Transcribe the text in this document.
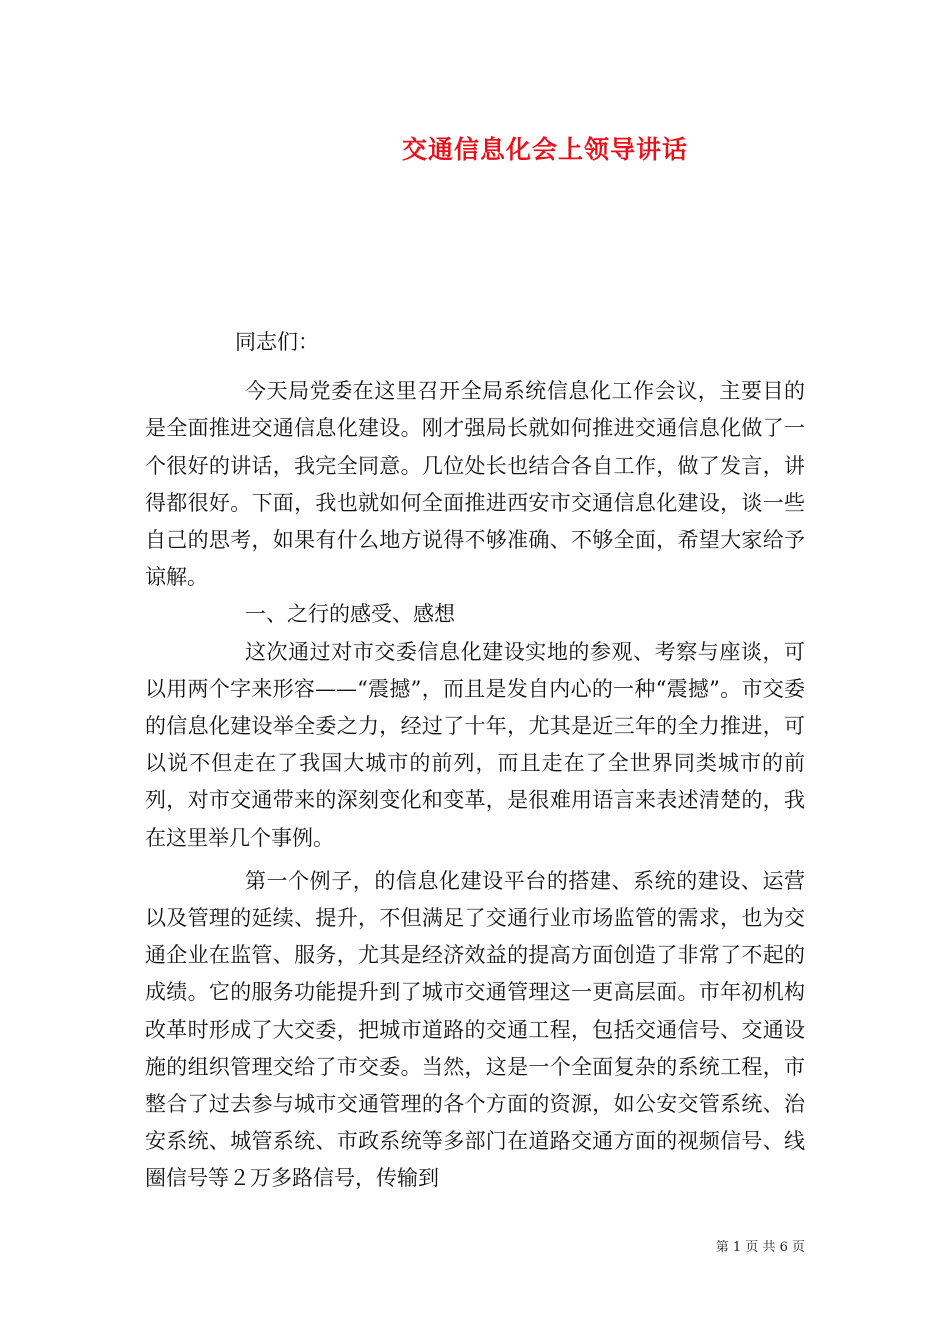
交通信息化会上领导讲话

同志们：

今天局党委在这里召开全局系统信息化工作会议，主要目的是全面推进交通信息化建设。刚才强局长就如何推进交通信息化做了一个很好的讲话，我完全同意。几位处长也结合各自工作，做了发言，讲得都很好。下面，我也就如何全面推进西安市交通信息化建设，谈一些自己的思考，如果有什么地方说得不够准确、不够全面，希望大家给予谅解。

一、之行的感受、感想

这次通过对市交委信息化建设实地的参观、考察与座谈，可以用两个字来形容——“震撼”，而且是发自内心的一种“震撼”。市交委的信息化建设举全委之力，经过了十年，尤其是近三年的全力推进，可以说不但走在了我国大城市的前列，而且走在了全世界同类城市的前列，对市交通带来的深刻变化和变革，是很难用语言来表述清楚的，我在这里举几个事例。

第一个例子，的信息化建设平台的搭建、系统的建设、运营以及管理的延续、提升，不但满足了交通行业市场监管的需求，也为交通企业在监管、服务，尤其是经济效益的提高方面创造了非常了不起的成绩。它的服务功能提升到了城市交通管理这一更高层面。市年初机构改革时形成了大交委，把城市道路的交通工程，包括交通信号、交通设施的组织管理交给了市交委。当然，这是一个全面复杂的系统工程，市整合了过去参与城市交通管理的各个方面的资源，如公安交管系统、治安系统、城管系统、市政系统等多部门在道路交通方面的视频信号、线圈信号等２万多路信号，传输到

第 1 页 共 6 页
